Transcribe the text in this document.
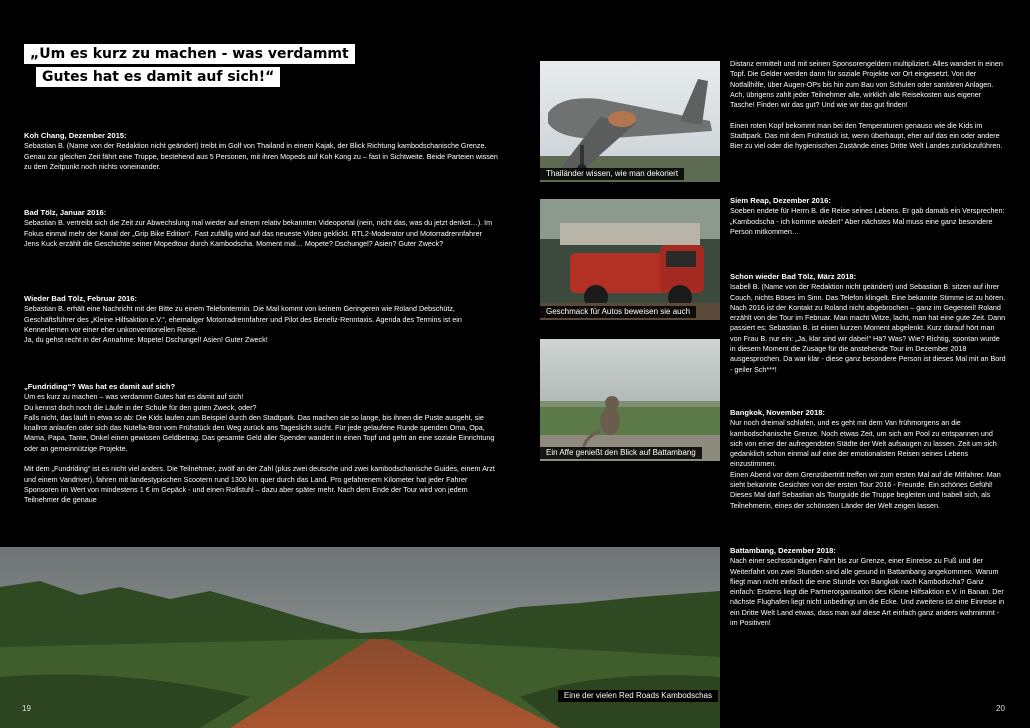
„Um es kurz zu machen - was verdammt
Gutes hat es damit auf sich!“
Koh Chang, Dezember 2015:

Sebastian B. (Name von der Redaktion nicht geändert) treibt im Golf von Thailand in einem Kajak, der Blick Richtung kambodschanische Grenze. Genau zur gleichen Zeit fährt eine Truppe, bestehend aus 5 Personen, mit ihren Mopeds auf Koh Kong zu – fast in Sichtweite. Beide Parteien wissen zu dem Zeitpunkt noch nichts voneinander.

Bad Tölz, Januar 2016:

Sebastian B. vertreibt sich die Zeit zur Abwechslung mal wieder auf einem relativ bekannten Videoportal (nein, nicht das, was du jetzt denkst…). Im Fokus einmal mehr der Kanal der „Grip Bike Edition“. Fast zufällig wird auf das neueste Video geklickt. RTL2-Moderator und Motorradrennfahrer Jens Kuck erzählt die Geschichte seiner Mopedtour durch Kambodscha. Moment mal… Mopete? Dschungel? Asien? Guter Zweck?

Wieder Bad Tölz, Februar 2016:

Sebastian B. erhält eine Nachricht mit der Bitte zu einem Telefontermin. Die Mail kommt von keinem Geringeren wie Roland Debschütz, Geschäftsführer des „Kleine Hilfsaktion e.V.“, ehemaliger Motorradrennfahrer und Pilot des Benefiz-Renntaxis. Agenda des Termins ist ein Kennenlernen vor einer eher unkonventionellen Reise.
Ja, du gehst recht in der Annahme: Mopete! Dschungel! Asien! Guter Zweck!

„Fundriding“? Was hat es damit auf sich?

Um es kurz zu machen – was verdammt Gutes hat es damit auf sich!
Du kennst doch noch die Läufe in der Schule für den guten Zweck, oder?
Falls nicht, das läuft in etwa so ab: Die Kids laufen zum Beispiel durch den Stadtpark. Das machen sie so lange, bis ihnen die Puste ausgeht, sie knallrot anlaufen oder sich das Nutella-Brot vom Frühstück den Weg zurück ans Tageslicht sucht. Für jede gelaufene Runde spenden Oma, Opa, Mama, Papa, Tante, Onkel einen gewissen Geldbetrag. Das gesamte Geld aller Spender wandert in einen Topf und geht an eine soziale Einrichtung oder an gemeinnützige Projekte.

Mit dem „Fundriding“ ist es nicht viel anders. Die Teilnehmer, zwölf an der Zahl (plus zwei deutsche und zwei kambodschanische Guides, einem Arzt und einem Vandriver), fahren mit landestypischen Scootern rund 1300 km quer durch das Land. Pro gefahrenem Kilometer hat jeder Fahrer Sponsoren im Wert von mindestens 1 € im Gepäck - und einen Rollstuhl – dazu aber später mehr. Nach dem Ende der Tour wird von jedem Teilnehmer die genaue

Thailänder wissen, wie man dekoriert
Geschmack für Autos beweisen sie auch
Ein Affe genießt den Blick auf Battambang

Distanz ermittelt und mit seinen Sponsorengeldern multipliziert. Alles wandert in einen Topf. Die Gelder werden dann für soziale Projekte vor Ort eingesetzt. Von der Notfallhilfe, über Augen-OPs bis hin zum Bau von Schulen oder sanitären Anlagen.
Ach, übrigens zahlt jeder Teilnehmer alle, wirklich alle Reisekosten aus eigener Tasche! Finden wir das gut? Und wie wir das gut finden!

Einen roten Kopf bekommt man bei den Temperaturen genauso wie die Kids im Stadtpark. Das mit dem Frühstück ist, wenn überhaupt, eher auf das ein oder andere Bier zu viel oder die hygienischen Zustände eines Dritte Welt Landes zurückzuführen.

Siem Reap, Dezember 2016:

Soeben endete für Herrn B. die Reise seines Lebens. Er gab damals ein Versprechen: „Kambodscha - ich komme wieder!“ Aber nächstes Mal muss eine ganz besondere Person mitkommen…

Schon wieder Bad Tölz, März 2018:

Isabell B. (Name von der Redaktion nicht geändert) und Sebastian B. sitzen auf ihrer Couch, nichts Böses im Sinn. Das Telefon klingelt. Eine bekannte Stimme ist zu hören. Nach 2016 ist der Kontakt zu Roland nicht abgebrochen – ganz im Gegenteil! Roland erzählt von der Tour im Februar. Man macht Witze, lacht, man hat eine gute Zeit. Dann passiert es: Sebastian B. ist einen kurzen Moment abgelenkt. Kurz darauf hört man von Frau B. nur ein: „Ja, klar sind wir dabei!“ Hä? Was? Wie? Richtig, spontan wurde in diesem Moment die Zusage für die anstehende Tour im Dezember 2018 ausgesprochen. Da war klar - diese ganz besondere Person ist dieses Mal mit an Bord - geiler Sch***!

Bangkok, November 2018:

Nur noch dreimal schlafen, und es geht mit dem Van frühmorgens an die kambodschanische Grenze. Noch etwas Zeit, um sich am Pool zu entspannen und sich von einer der aufregendsten Städte der Welt aufsaugen zu lassen. Zeit um sich gedanklich schon einmal auf eine der emotionalsten Reisen seines Lebens einzustimmen.
Einen Abend vor dem Grenzübertritt treffen wir zum ersten Mal auf die Mitfahrer. Man sieht bekannte Gesichter von der ersten Tour 2016 - Freunde. Ein schönes Gefühl! Dieses Mal darf Sebastian als Tourguide die Truppe begleiten und Isabell sich, als Teilnehmerin, eines der schönsten Länder der Welt zeigen lassen.

Battambang, Dezember 2018:

Nach einer sechsstündigen Fahrt bis zur Grenze, einer Einreise zu Fuß und der Weiterfahrt von zwei Stunden sind alle gesund in Battambang angekommen. Warum fliegt man nicht einfach die eine Stunde von Bangkok nach Kambodscha? Ganz einfach: Erstens liegt die Partnerorganisation des Kleine Hilfsaktion e.V. in Banan. Der nächste Flughafen liegt nicht unbedingt um die Ecke. Und zweitens ist eine Einreise in ein Dritte Welt Land etwas, dass man auf diese Art einfach ganz anders wahrnimmt - im Positiven!

Eine der vielen Red Roads Kambodschas
19	20
